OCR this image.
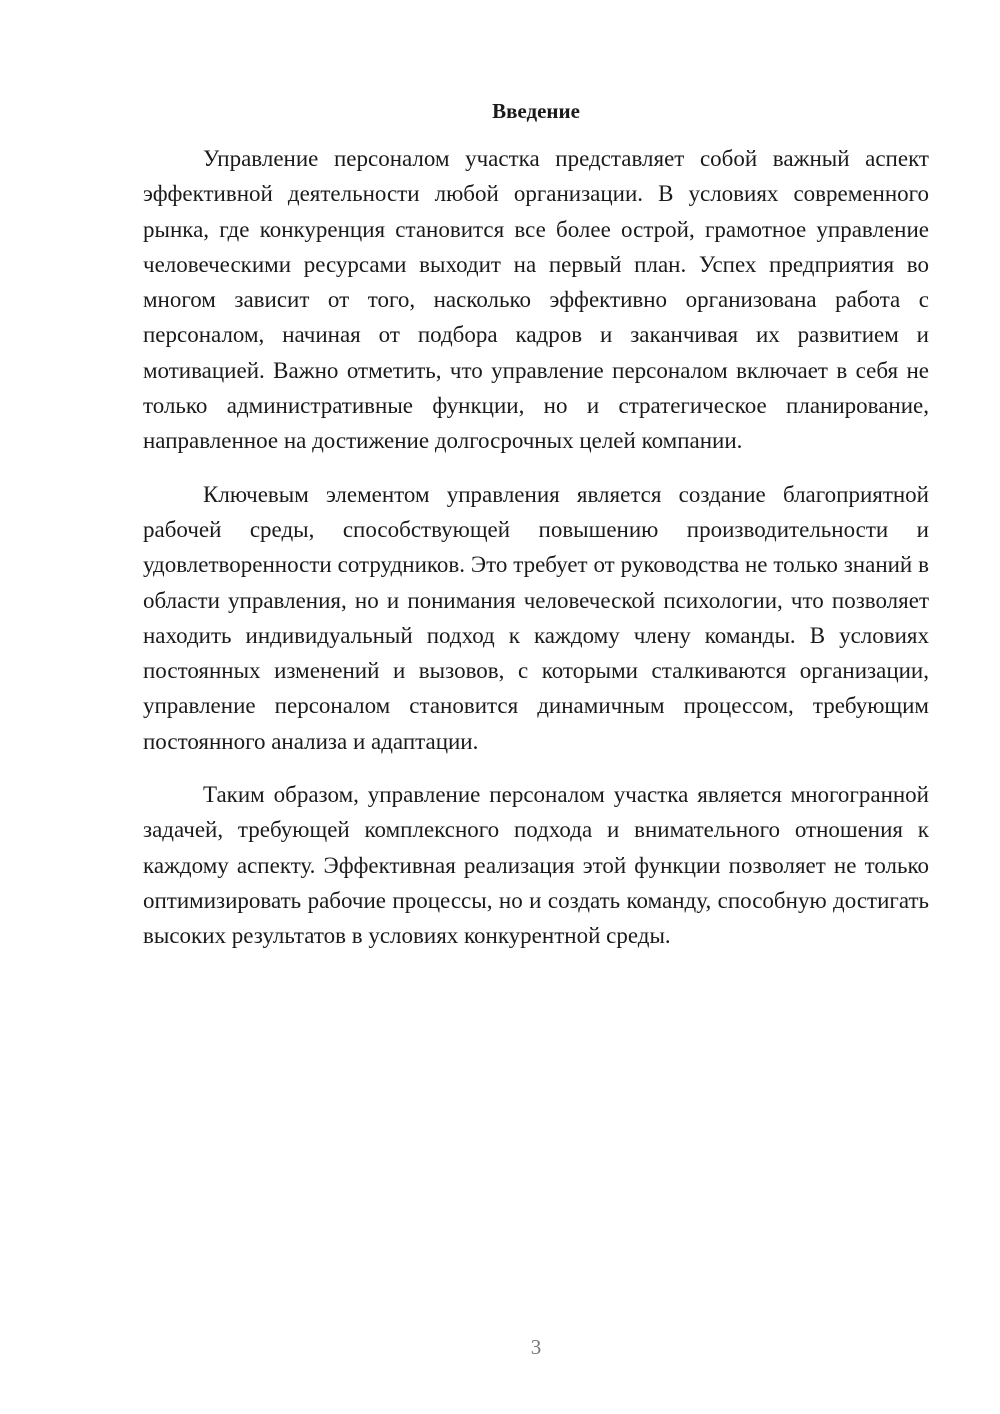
Введение

Управление персоналом участка представляет собой важный аспект эффективной деятельности любой организации. В условиях современного рынка, где конкуренция становится все более острой, грамотное управление человеческими ресурсами выходит на первый план. Успех предприятия во многом зависит от того, насколько эффективно организована работа с персоналом, начиная от подбора кадров и заканчивая их развитием и мотивацией. Важно отметить, что управление персоналом включает в себя не только административные функции, но и стратегическое планирование, направленное на достижение долгосрочных целей компании.

Ключевым элементом управления является создание благоприятной рабочей среды, способствующей повышению производительности и удовлетворенности сотрудников. Это требует от руководства не только знаний в области управления, но и понимания человеческой психологии, что позволяет находить индивидуальный подход к каждому члену команды. В условиях постоянных изменений и вызовов, с которыми сталкиваются организации, управление персоналом становится динамичным процессом, требующим постоянного анализа и адаптации.

Таким образом, управление персоналом участка является многогранной задачей, требующей комплексного подхода и внимательного отношения к каждому аспекту. Эффективная реализация этой функции позволяет не только оптимизировать рабочие процессы, но и создать команду, способную достигать высоких результатов в условиях конкурентной среды.

3
